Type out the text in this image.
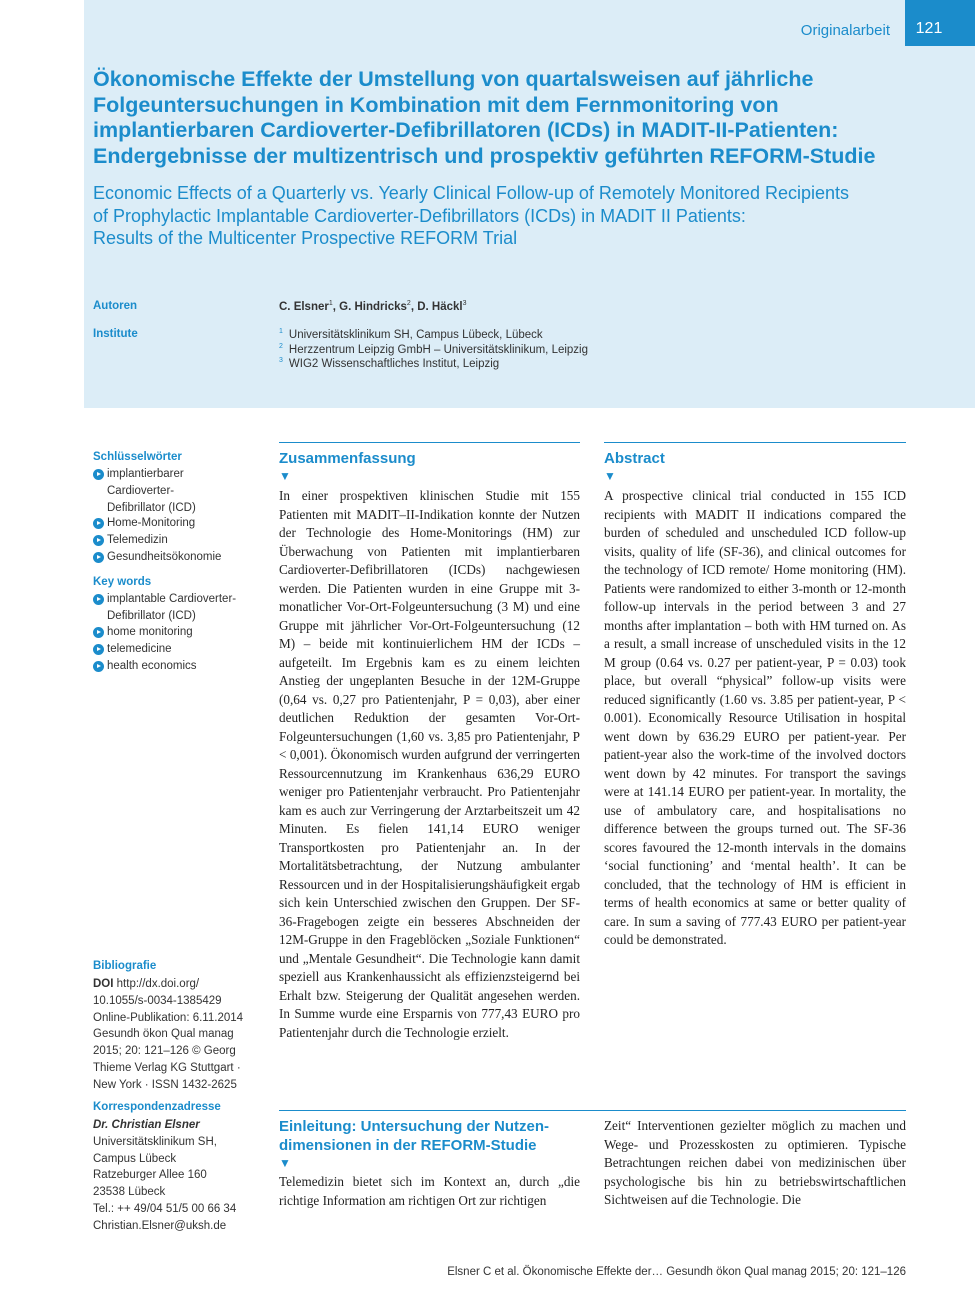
Originalarbeit	121
Ökonomische Effekte der Umstellung von quartalsweisen auf jährliche
Folgeuntersuchungen in Kombination mit dem Fernmonitoring von
implantierbaren Cardioverter-Defibrillatoren (ICDs) in MADIT-II-Patienten:
Endergebnisse der multizentrisch und prospektiv geführten REFORM-Studie
Economic Effects of a Quarterly vs. Yearly Clinical Follow-up of Remotely Monitored Recipients
of Prophylactic Implantable Cardioverter-Defibrillators (ICDs) in MADIT II Patients:
Results of the Multicenter Prospective REFORM Trial
Autoren	C. Elsner$^1$, G. Hindricks$^2$, D. Häckl$^3$
Institute	$^1$ Universitätsklinikum SH, Campus Lübeck, Lübeck
$^2$ Herzzentrum Leipzig GmbH – Universitätsklinikum, Leipzig
$^3$ WIG2 Wissenschaftliches Institut, Leipzig
Schlüsselwörter
implantierbarer Cardioverter-Defibrillator (ICD)
Home-Monitoring
Telemedizin
Gesundheitsökonomie
Key words
implantable Cardioverter-Defibrillator (ICD)
home monitoring
telemedicine
health economics
Bibliografie
DOI http://dx.doi.org/
10.1055/s-0034-1385429
Online-Publikation: 6.11.2014
Gesundh ökon Qual manag
2015; 20: 121–126 © Georg
Thieme Verlag KG Stuttgart ·
New York · ISSN 1432-2625
Korrespondenzadresse
Dr. Christian Elsner
Universitätsklinikum SH,
Campus Lübeck
Ratzeburger Allee 160
23538 Lübeck
Tel.: ++ 49/04 51/5 00 66 34
Christian.Elsner@uksh.de
Zusammenfassung
▼
In einer prospektiven klinischen Studie mit 155 Patienten mit MADIT–II-Indikation konnte der Nutzen der Technologie des Home-Monitorings (HM) zur Überwachung von Patienten mit implantierbaren Cardioverter-Defibrillatoren (ICDs) nachgewiesen werden. Die Patienten wurden in eine Gruppe mit 3-monatlicher Vor-Ort-Folgeuntersuchung (3 M) und eine Gruppe mit jährlicher Vor-Ort-Folgeuntersuchung (12 M) – beide mit kontinuierlichem HM der ICDs – aufgeteilt. Im Ergebnis kam es zu einem leichten Anstieg der ungeplanten Besuche in der 12M-Gruppe (0,64 vs. 0,27 pro Patientenjahr, P = 0,03), aber einer deutlichen Reduktion der gesamten Vor-Ort-Folgeuntersuchungen (1,60 vs. 3,85 pro Patientenjahr, P < 0,001). Ökonomisch wurden aufgrund der verringerten Ressourcennutzung im Krankenhaus 636,29 EURO weniger pro Patientenjahr verbraucht. Pro Patientenjahr kam es auch zur Verringerung der Arztarbeitszeit um 42 Minuten. Es fielen 141,14 EURO weniger Transportkosten pro Patientenjahr an. In der Mortalitätsbetrachtung, der Nutzung ambulanter Ressourcen und in der Hospitalisierungshäufigkeit ergab sich kein Unterschied zwischen den Gruppen. Der SF-36-Fragebogen zeigte ein besseres Abschneiden der 12M-Gruppe in den Frageblöcken „Soziale Funktionen“ und „Mentale Gesundheit“. Die Technologie kann damit speziell aus Krankenhaussicht als effizienzsteigernd bei Erhalt bzw. Steigerung der Qualität angesehen werden. In Summe wurde eine Ersparnis von 777,43 EURO pro Patientenjahr durch die Technologie erzielt.
Abstract
▼
A prospective clinical trial conducted in 155 ICD recipients with MADIT II indications compared the burden of scheduled and unscheduled ICD follow-up visits, quality of life (SF-36), and clinical outcomes for the technology of ICD remote/ Home monitoring (HM). Patients were randomized to either 3-month or 12-month follow-up intervals in the period between 3 and 27 months after implantation – both with HM turned on. As a result, a small increase of unscheduled visits in the 12 M group (0.64 vs. 0.27 per patient-year, P = 0.03) took place, but overall “physical” follow-up visits were reduced significantly (1.60 vs. 3.85 per patient-year, P < 0.001). Economically Resource Utilisation in hospital went down by 636.29 EURO per patient-year. Per patient-year also the work-time of the involved doctors went down by 42 minutes. For transport the savings were at 141.14 EURO per patient-year. In mortality, the use of ambulatory care, and hospitalisations no difference between the groups turned out. The SF-36 scores favoured the 12-month intervals in the domains ‘social functioning’ and ‘mental health’. It can be concluded, that the technology of HM is efficient in terms of health economics at same or better quality of care. In sum a saving of 777.43 EURO per patient-year could be demonstrated.
Einleitung: Untersuchung der Nutzen-
dimensionen in der REFORM-Studie
▼
Telemedizin bietet sich im Kontext an, durch „die richtige Information am richtigen Ort zur richtigen
Zeit“ Interventionen gezielter möglich zu machen und Wege- und Prozesskosten zu optimieren. Typische Betrachtungen reichen dabei von medizinischen über psychologische bis hin zu betriebswirtschaftlichen Sichtweisen auf die Technologie. Die
Elsner C et al. Ökonomische Effekte der… Gesundh ökon Qual manag 2015; 20: 121–126
